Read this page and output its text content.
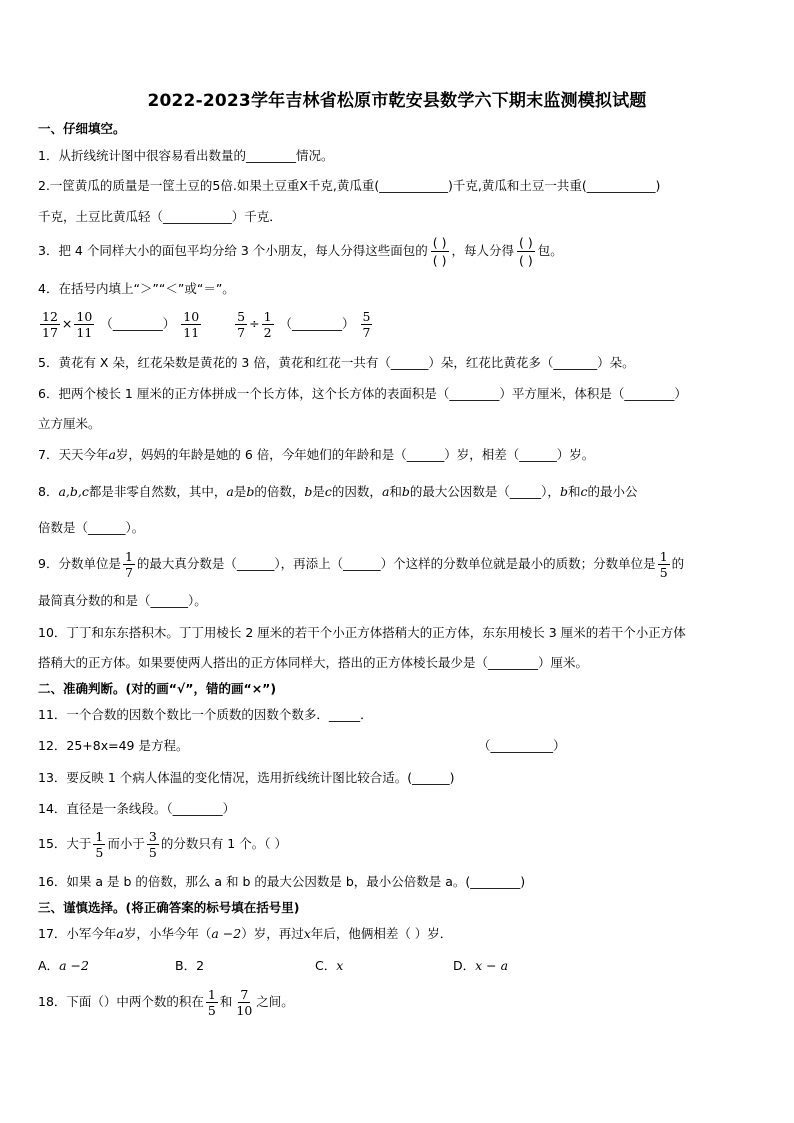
2022-2023学年吉林省松原市乾安县数学六下期末监测模拟试题
一、仔细填空。
1．从折线统计图中很容易看出数量的________情况。
2.一筐黄瓜的质量是一筐土豆的5倍.如果土豆重X千克,黄瓜重(___________)千克,黄瓜和土豆一共重(___________)
千克，土豆比黄瓜轻（___________）千克．
3．把 4 个同样大小的面包平均分给 3 个小朋友，每人分得这些面包的
( )
( )
，每人分得
( )
( )
包。
4．在括号内填上“＞”“＜”或“＝”。
$\frac{12}{17} \times \frac{10}{11}$ （________） $\frac{10}{11}$
	$\frac{5}{7} \div \frac{1}{2}$ （________） $\frac{5}{7}$
5．黄花有 X 朵，红花朵数是黄花的 3 倍，黄花和红花一共有（______）朵，红花比黄花多（_______）朵。
6．把两个棱长 1 厘米的正方体拼成一个长方体，这个长方体的表面积是（________）平方厘米，体积是（________）
立方厘米。
7．天天今年a岁，妈妈的年龄是她的 6 倍，今年她们的年龄和是（______）岁，相差（______）岁。
8．a,b,c都是非零自然数，其中，a是b的倍数，b是c的因数，a和b的最大公因数是（_____），b和c的最小公
倍数是（______）。
9．分数单位是 $\frac{1}{7}$ 的最大真分数是（______），再添上（______）个这样的分数单位就是最小的质数；分数单位是 $\frac{1}{5}$ 的
最简真分数的和是（______）。
10．丁丁和东东搭积木。丁丁用棱长 2 厘米的若干个小正方体搭稍大的正方体，东东用棱长 3 厘米的若干个小正方体
搭稍大的正方体。如果要使两人搭出的正方体同样大，搭出的正方体棱长最少是（________）厘米。
二、准确判断。(对的画“√”，错的画“×”)
11．一个合数的因数个数比一个质数的因数个数多．_____．
12．25+8x=49 是方程。	（__________）
13．要反映 1 个病人体温的变化情况，选用折线统计图比较合适。(______)
14．直径是一条线段。（________）
15．大于 $\frac{1}{5}$ 而小于 $\frac{3}{5}$ 的分数只有 1 个。（ ）
16．如果 a 是 b 的倍数，那么 a 和 b 的最大公因数是 b，最小公倍数是 a。(________)
三、谨慎选择。(将正确答案的标号填在括号里)
17．小军今年a岁，小华今年（a −2）岁，再过x年后，他俩相差（ ）岁．
A．a −2	B．2	C．x	D．x − a
18．下面（）中两个数的积在 $\frac{1}{5}$ 和 $\frac{7}{10}$ 之间。
